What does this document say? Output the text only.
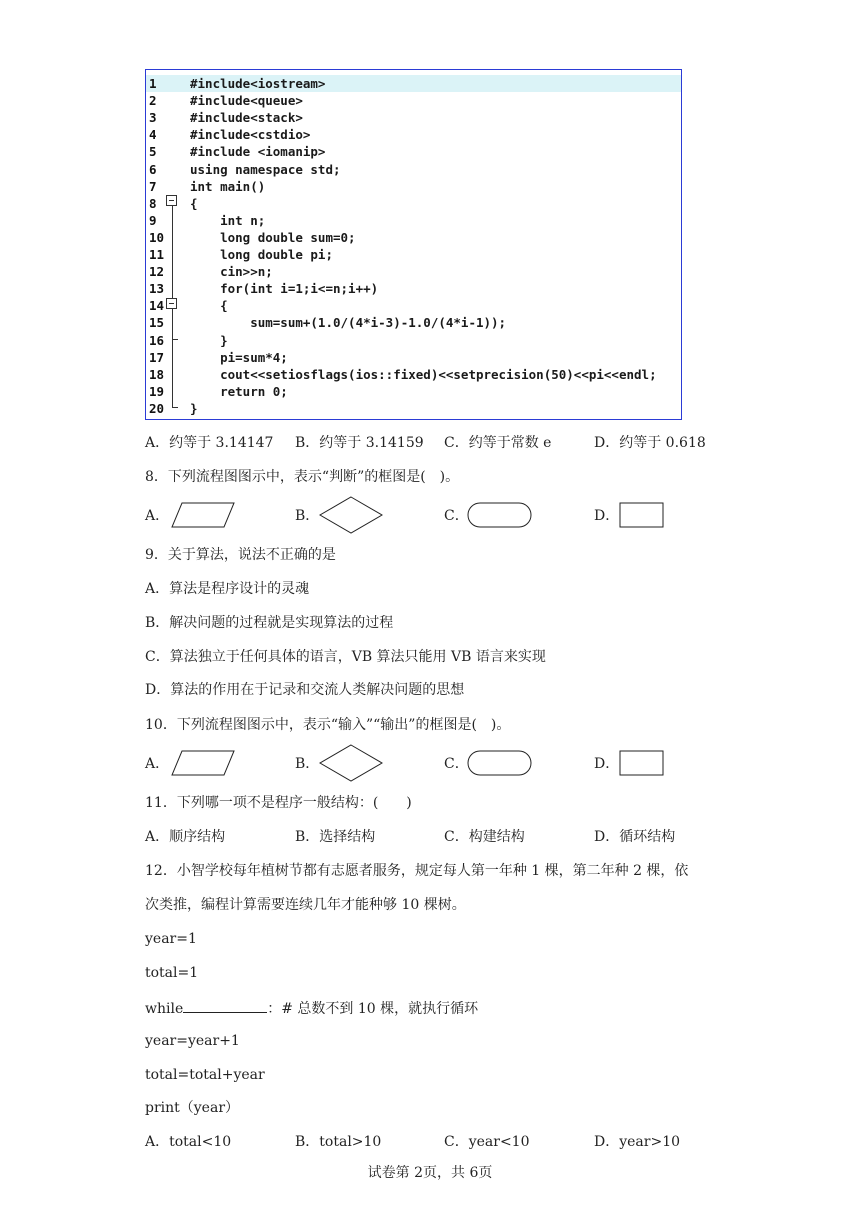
1	#include<iostream>
2	#include<queue>
3	#include<stack>
4	#include<cstdio>
5	#include <iomanip>
6	using namespace std;
7	int main()
8	{
9	int n;
10	long double sum=0;
11	long double pi;
12	cin>>n;
13	for(int i=1;i<=n;i++)
14	{
15	sum=sum+(1.0/(4*i-3)-1.0/(4*i-1));
16	}
17	pi=sum*4;
18	cout<<setiosflags(ios::fixed)<<setprecision(50)<<pi<<endl;
19	return 0;
20	}
A．约等于 3.14147 B．约等于 3.14159 C．约等于常数 e	D．约等于 0.618
8．下列流程图图示中，表示“判断”的框图是(　)。
A．	B．	C．	D．
9．关于算法，说法不正确的是
A．算法是程序设计的灵魂
B．解决问题的过程就是实现算法的过程
C．算法独立于任何具体的语言，VB 算法只能用 VB 语言来实现
D．算法的作用在于记录和交流人类解决问题的思想
10．下列流程图图示中，表示“输入”“输出”的框图是(　)。
A．	B．	C．	D．
11．下列哪一项不是程序一般结构：(　　)
A．顺序结构	B．选择结构	C．构建结构	D．循环结构
12．小智学校每年植树节都有志愿者服务，规定每人第一年种 1 棵，第二年种 2 棵，依
次类推，编程计算需要连续几年才能种够 10 棵树。
year=1
total=1
while	：# 总数不到 10 棵，就执行循环
year=year+1
total=total+year
print（year）
A．total<10	B．total>10	C．year<10	D．year>10
试卷第 2页，共 6页
